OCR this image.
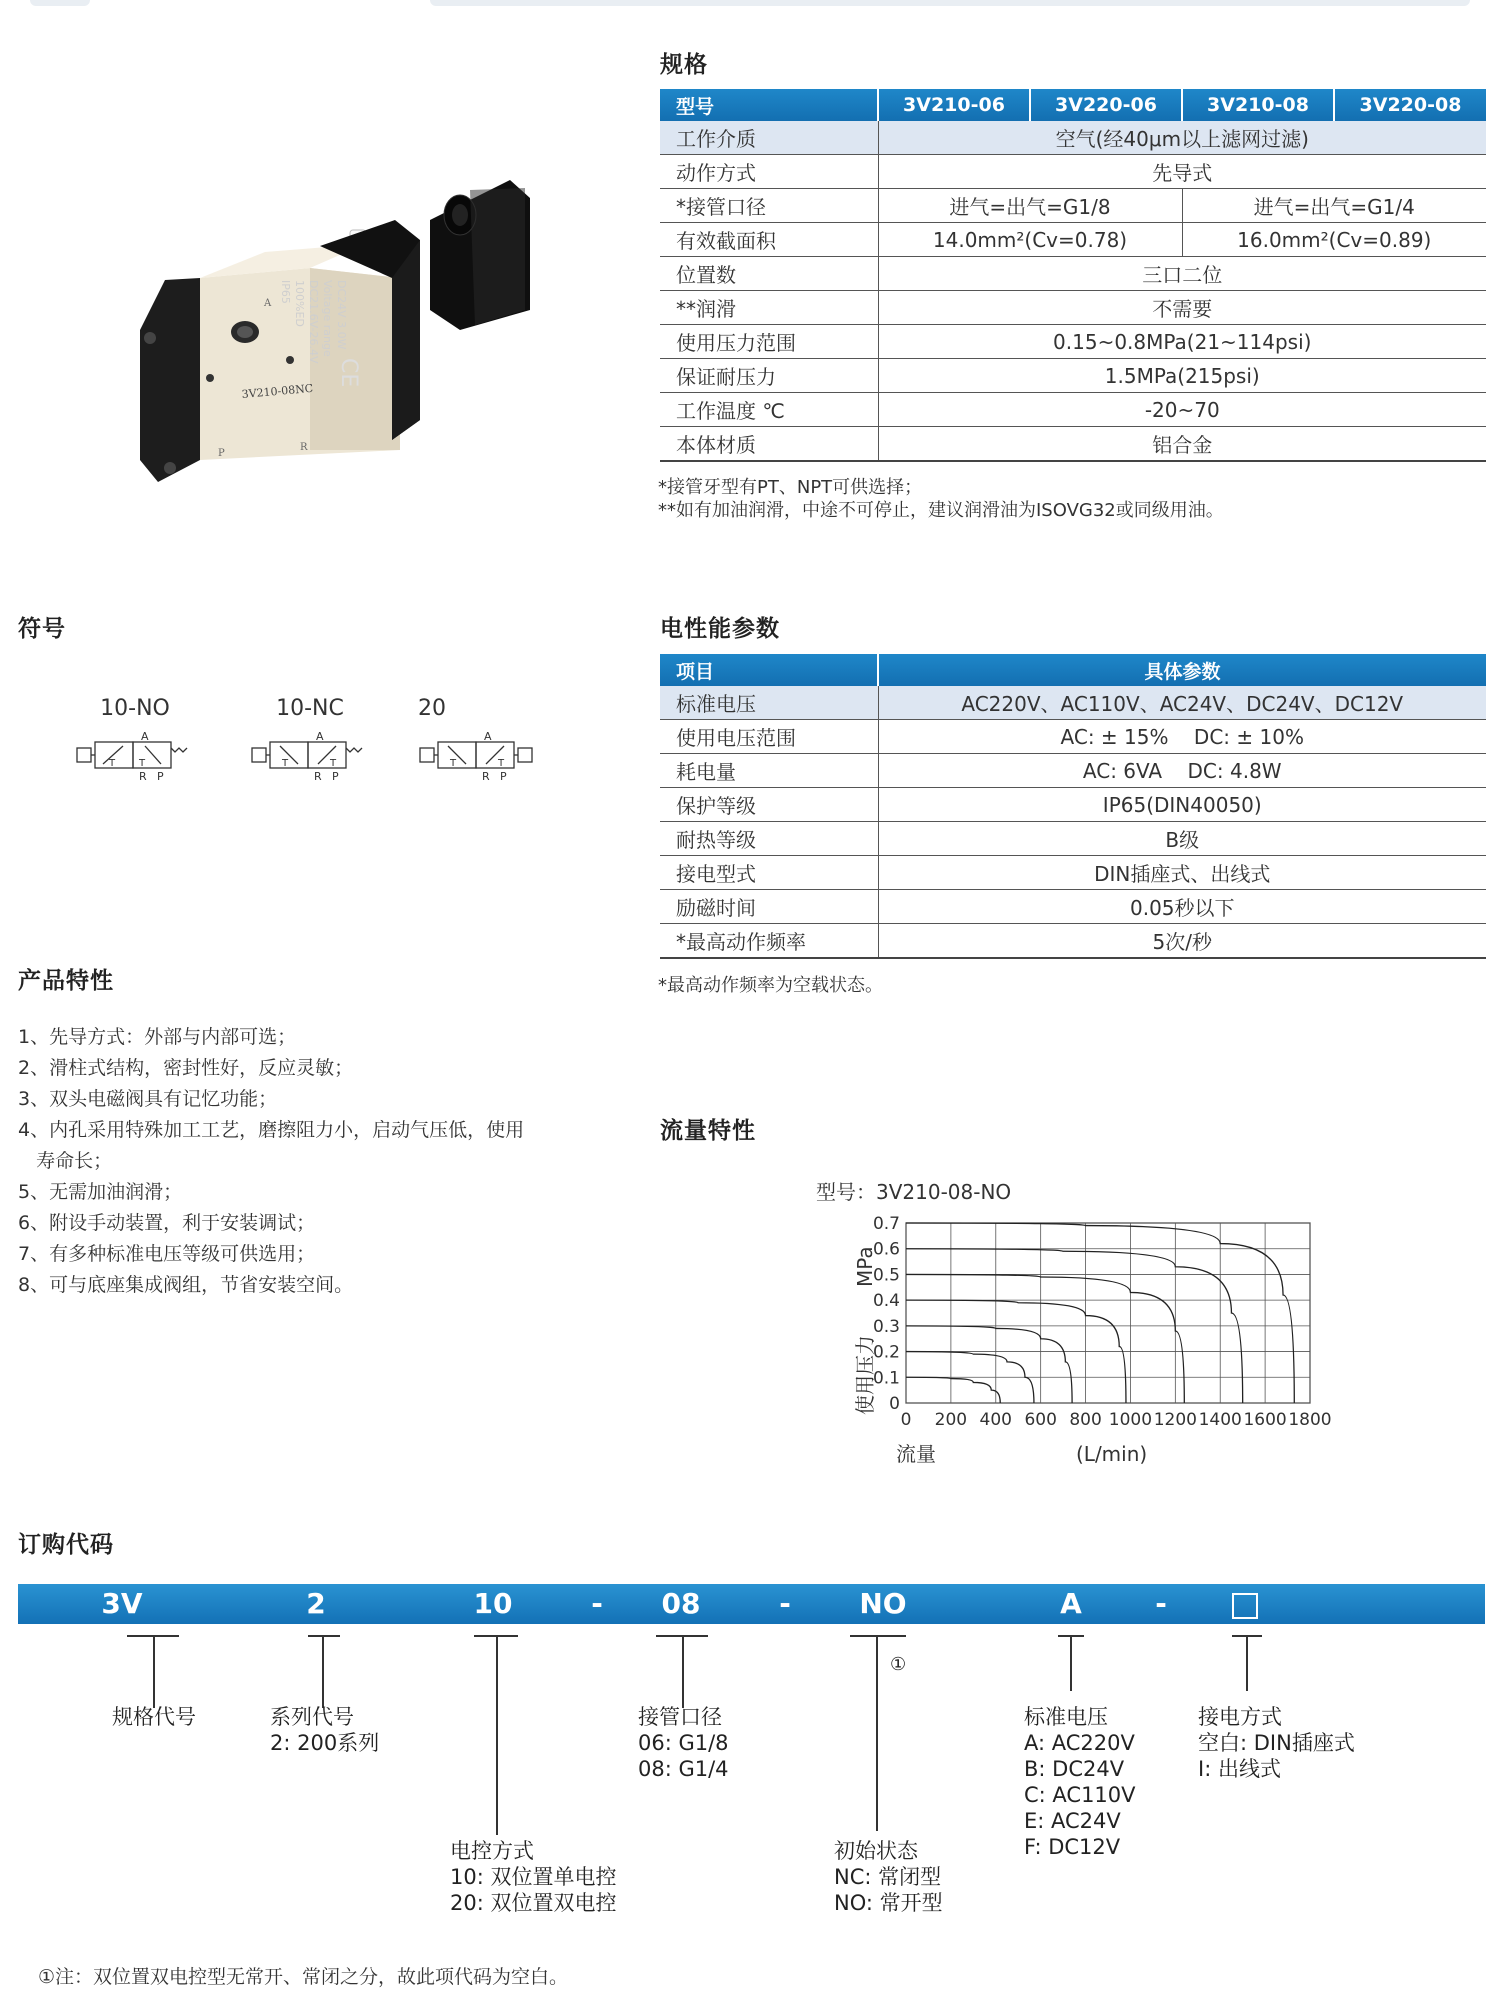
3V210-08NC
A
P
R
DC24V 3.0W
Voltage range
DC21.6V-26.4V
100%ED
IP65
CE
规格
型号	3V210-06	3V220-06	3V210-08	3V220-08
工作介质	空气(经40μm以上滤网过滤)			
动作方式	先导式			
*接管口径	进气=出气=G1/8		进气=出气=G1/4	
有效截面积	14.0mm²(Cv=0.78)		16.0mm²(Cv=0.89)	
位置数	三口二位			
**润滑	不需要			
使用压力范围	0.15~0.8MPa(21~114psi)			
保证耐压力	1.5MPa(215psi)			
工作温度 ℃	-20~70			
本体材质	铝合金			
*接管牙型有PT、NPT可供选择；
**如有加油润滑，中途不可停止，建议润滑油为ISOVG32或同级用油。
符号
10-NO
A
T T
R P
10-NC
A
T	T
R P
20
A
T	T
R P
电性能参数
项目	具体参数
标准电压	AC220V、AC110V、AC24V、DC24V、DC12V
使用电压范围	AC: ± 15%    DC: ± 10%
耗电量	AC: 6VA    DC: 4.8W
保护等级	IP65(DIN40050)
耐热等级	B级
接电型式	DIN插座式、出线式
励磁时间	0.05秒以下
*最高动作频率	5次/秒
*最高动作频率为空载状态。
产品特性
1、先导方式：外部与内部可选；
2、滑柱式结构，密封性好，反应灵敏；
3、双头电磁阀具有记忆功能；
4、内孔采用特殊加工工艺，磨擦阻力小，启动气压低，使用
寿命长；
5、无需加油润滑；
6、附设手动装置，利于安装调试；
7、有多种标准电压等级可供选用；
8、可与底座集成阀组，节省安装空间。
流量特性
型号：3V210-08-NO
0 200 400 600 800 1000 1200 1400 1600 1800
0
0.1
0.2
0.3
0.4
0.5
0.6
0.7
流量	(L/min)
使用压力
MPa
订购代码
3V	2	10	-	08	-	NO	A	-
①
规格代号	系列代号
2: 200系列
电控方式
10: 双位置单电控
20: 双位置双电控
接管口径
06: G1/8
08: G1/4
初始状态
NC: 常闭型
NO: 常开型
标准电压
A: AC220V
B: DC24V
C: AC110V
E: AC24V
F: DC12V
接电方式
空白: DIN插座式
I: 出线式
①注：双位置双电控型无常开、常闭之分，故此项代码为空白。
